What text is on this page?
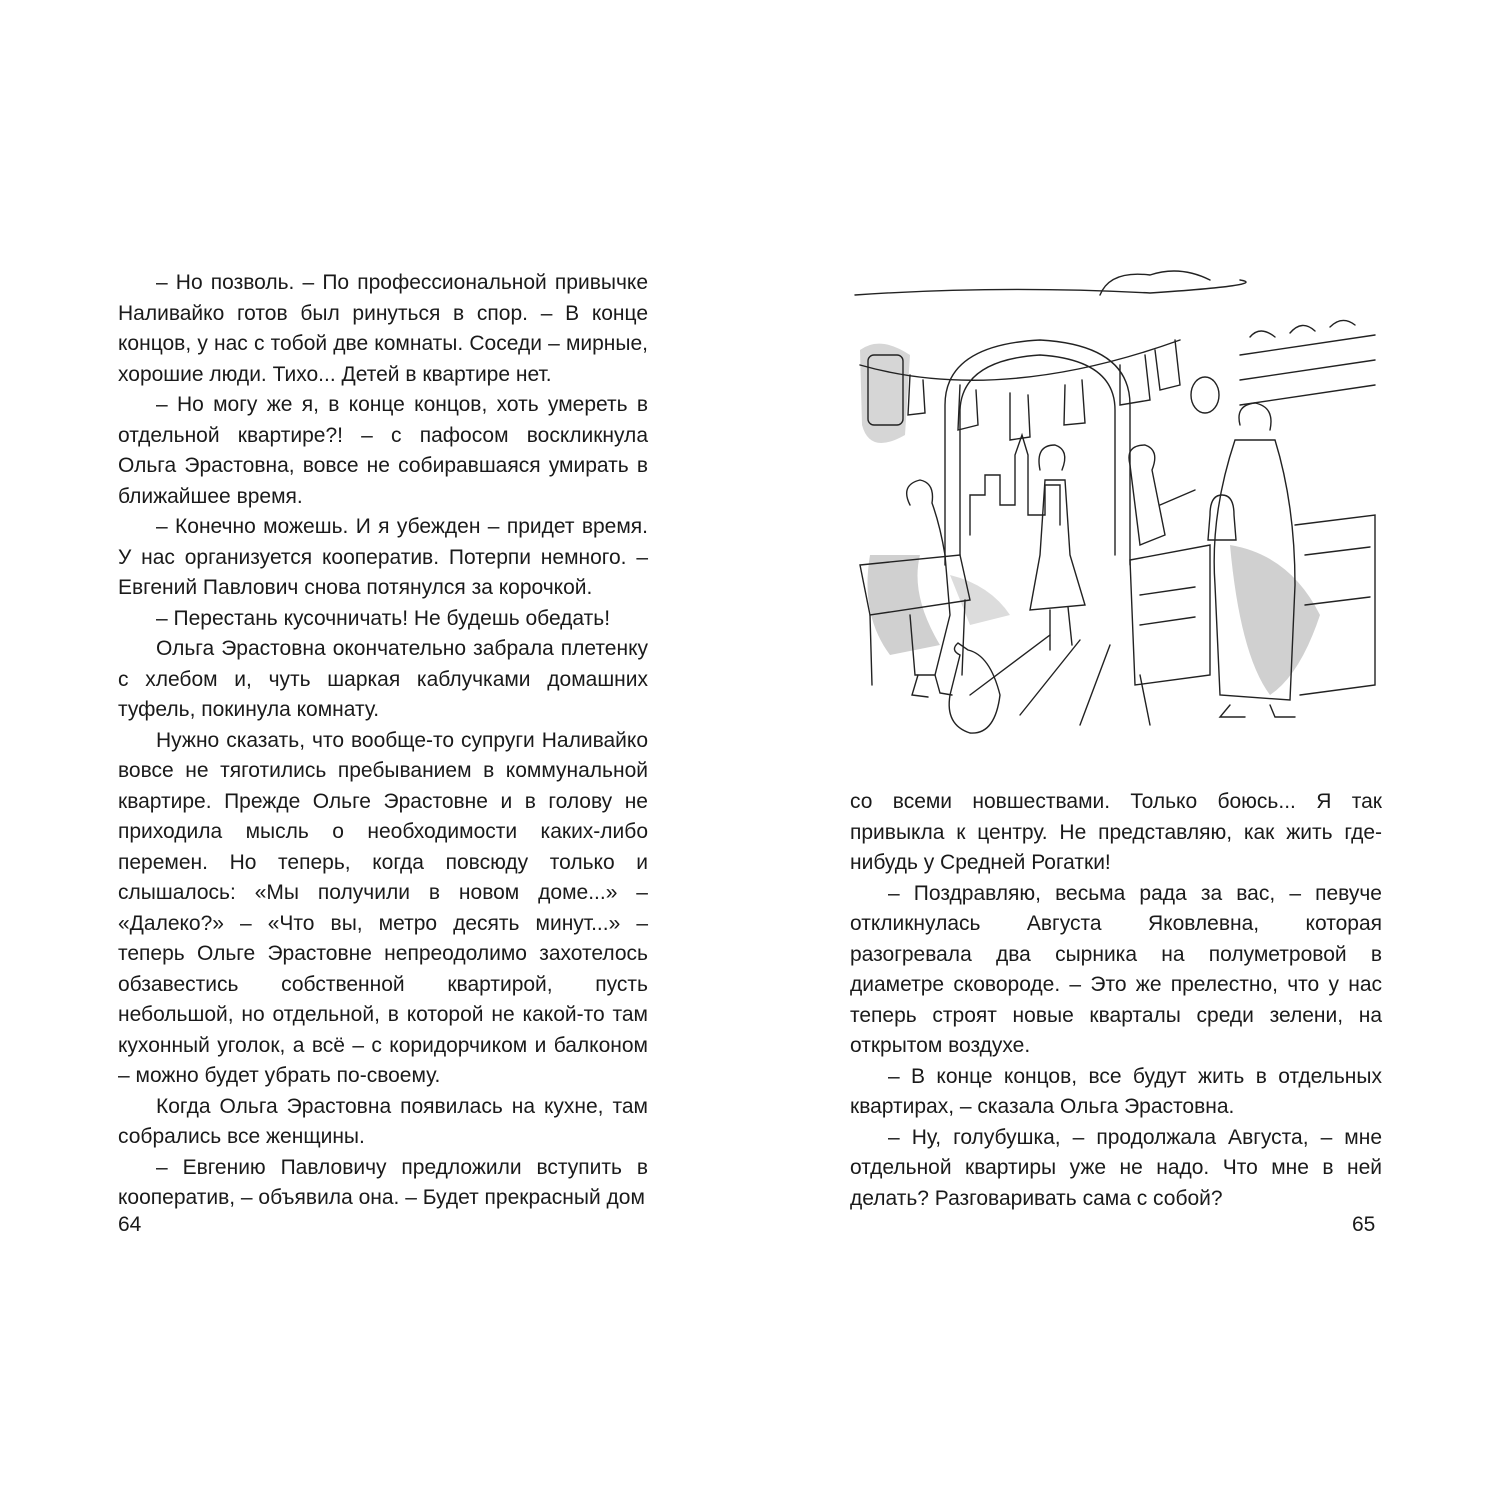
– Но позволь. – По профессиональной привычке Наливайко готов был ринуться в спор. – В конце концов, у нас с тобой две комнаты. Соседи – мирные, хорошие люди. Тихо... Детей в квартире нет.

– Но могу же я, в конце концов, хоть умереть в отдельной квартире?! – с пафосом воскликнула Ольга Эрастовна, вовсе не собиравшаяся умирать в ближайшее время.

– Конечно можешь. И я убежден – придет время. У нас организуется кооператив. Потерпи немного. – Евгений Павлович снова потянулся за корочкой.

– Перестань кусочничать! Не будешь обедать!

Ольга Эрастовна окончательно забрала плетенку с хлебом и, чуть шаркая каблучками домашних туфель, покинула комнату.

Нужно сказать, что вообще-то супруги Наливайко вовсе не тяготились пребыванием в коммунальной квартире. Прежде Ольге Эрастовне и в голову не приходила мысль о необходимости каких-либо перемен. Но теперь, когда повсюду только и слышалось: «Мы получили в новом доме...» – «Далеко?» – «Что вы, метро десять минут...» – теперь Ольге Эрастовне непреодолимо захотелось обзавестись собственной квартирой, пусть небольшой, но отдельной, в которой не какой-то там кухонный уголок, а всё – с коридорчиком и балконом – можно будет убрать по-своему.

Когда Ольга Эрастовна появилась на кухне, там собрались все женщины.

– Евгению Павловичу предложили вступить в кооператив, – объявила она. – Будет прекрасный дом

64

со всеми новшествами. Только боюсь... Я так привыкла к центру. Не представляю, как жить где-нибудь у Средней Рогатки!

– Поздравляю, весьма рада за вас, – певуче откликнулась Августа Яковлевна, которая разогревала два сырника на полуметровой в диаметре сковороде. – Это же прелестно, что у нас теперь строят новые кварталы среди зелени, на открытом воздухе.

– В конце концов, все будут жить в отдельных квартирах, – сказала Ольга Эрастовна.

– Ну, голубушка, – продолжала Августа, – мне отдельной квартиры уже не надо. Что мне в ней делать? Разговаривать сама с собой?

65
